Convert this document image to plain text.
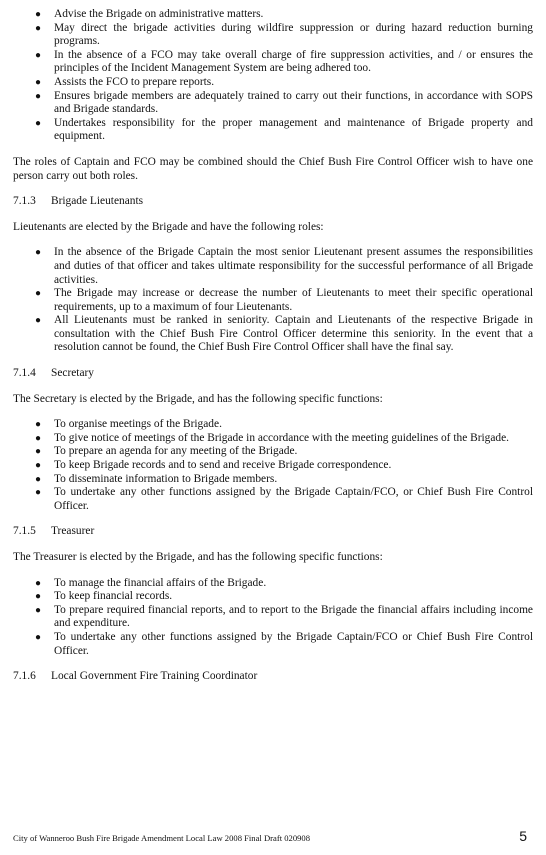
● Advise the Brigade on administrative matters.
● May direct the brigade activities during wildfire suppression or during hazard reduction burning programs.
● In the absence of a FCO may take overall charge of fire suppression activities, and / or ensures the principles of the Incident Management System are being adhered too.
● Assists the FCO to prepare reports.
● Ensures brigade members are adequately trained to carry out their functions, in accordance with SOPS and Brigade standards.
● Undertakes responsibility for the proper management and maintenance of Brigade property and equipment.

The roles of Captain and FCO may be combined should the Chief Bush Fire Control Officer wish to have one person carry out both roles.

7.1.3	Brigade Lieutenants

Lieutenants are elected by the Brigade and have the following roles:

● In the absence of the Brigade Captain the most senior Lieutenant present assumes the responsibilities and duties of that officer and takes ultimate responsibility for the successful performance of all Brigade activities.
● The Brigade may increase or decrease the number of Lieutenants to meet their specific operational requirements, up to a maximum of four Lieutenants.
● All Lieutenants must be ranked in seniority. Captain and Lieutenants of the respective Brigade in consultation with the Chief Bush Fire Control Officer determine this seniority. In the event that a resolution cannot be found, the Chief Bush Fire Control Officer shall have the final say.
7.1.4	Secretary

The Secretary is elected by the Brigade, and has the following specific functions:

● To organise meetings of the Brigade.
● To give notice of meetings of the Brigade in accordance with the meeting guidelines of the Brigade.
● To prepare an agenda for any meeting of the Brigade.
● To keep Brigade records and to send and receive Brigade correspondence.
● To disseminate information to Brigade members.
● To undertake any other functions assigned by the Brigade Captain/FCO, or Chief Bush Fire Control Officer.
7.1.5	Treasurer

The Treasurer is elected by the Brigade, and has the following specific functions:

● To manage the financial affairs of the Brigade.
● To keep financial records.
● To prepare required financial reports, and to report to the Brigade the financial affairs including income and expenditure.
● To undertake any other functions assigned by the Brigade Captain/FCO or Chief Bush Fire Control Officer.
7.1.6	Local Government Fire Training Coordinator
City of Wanneroo Bush Fire Brigade Amendment Local Law 2008 Final Draft 020908	5
